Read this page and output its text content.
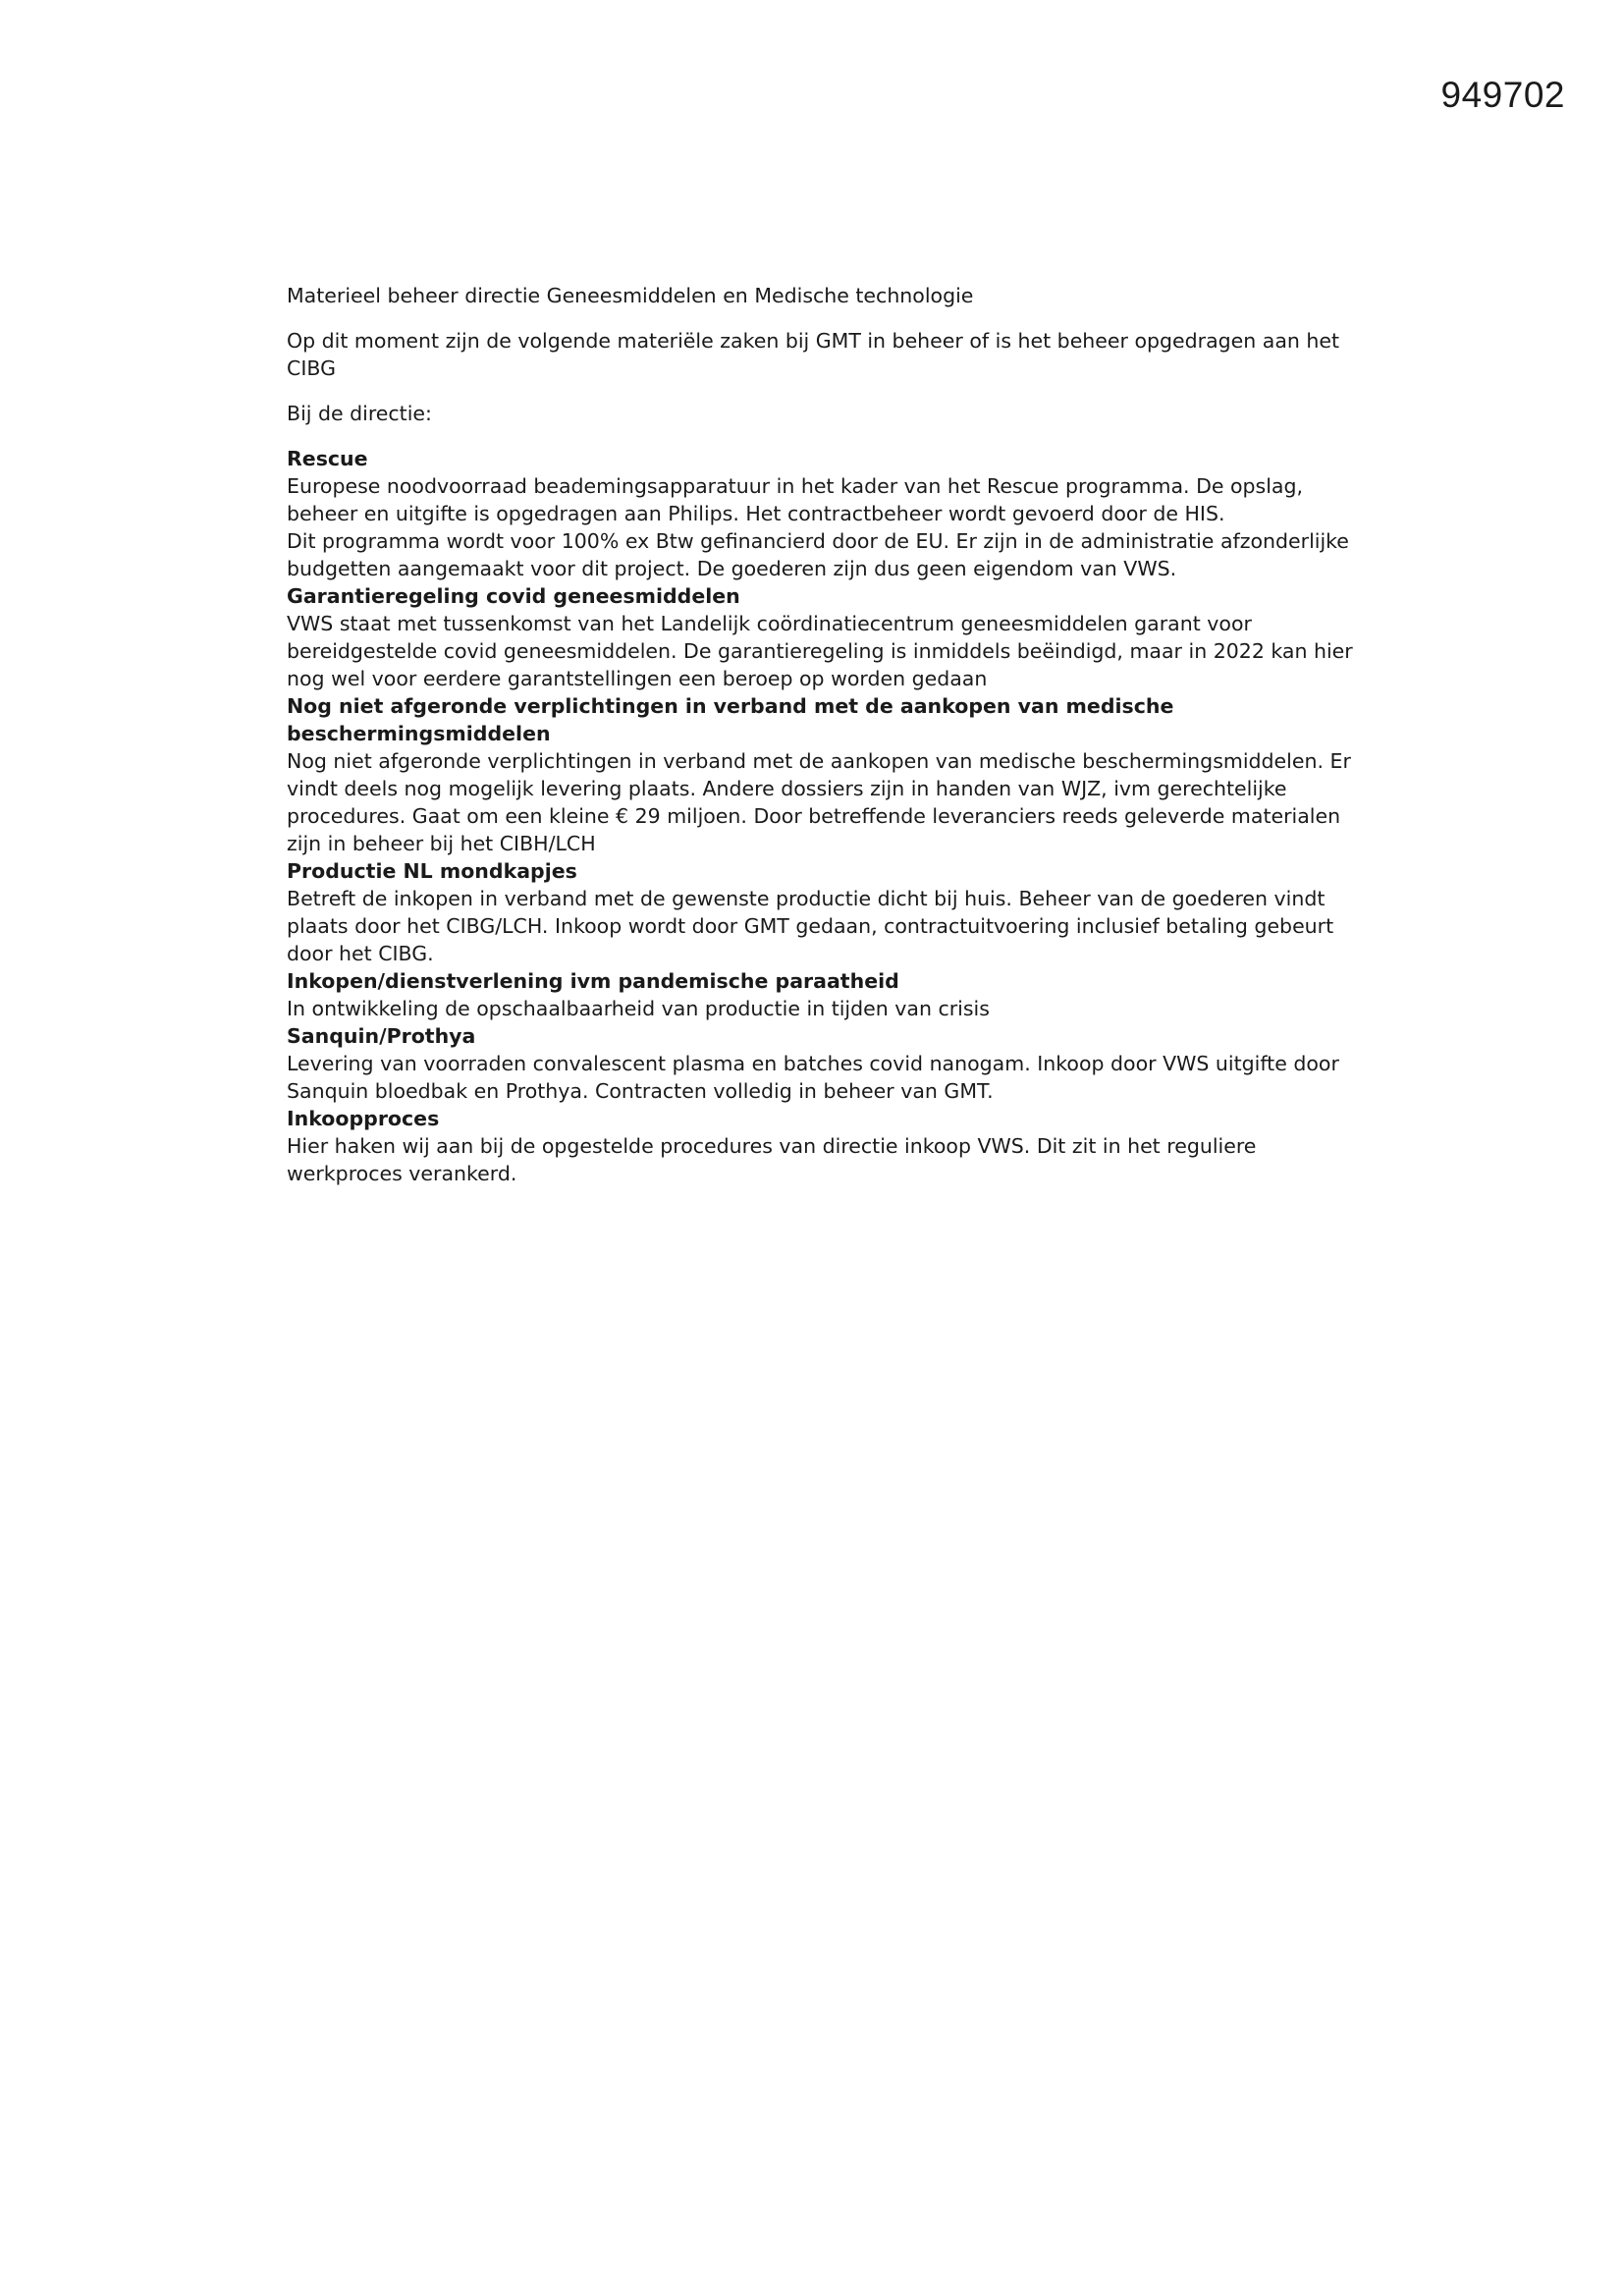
949702

Materieel beheer directie Geneesmiddelen en Medische technologie

Op dit moment zijn de volgende materiële zaken bij GMT in beheer of is het beheer opgedragen aan het CIBG

Bij de directie:

Rescue

Europese noodvoorraad beademingsapparatuur in het kader van het Rescue programma. De opslag, beheer en uitgifte is opgedragen aan Philips. Het contractbeheer wordt gevoerd door de HIS.

Dit programma wordt voor 100% ex Btw gefinancierd door de EU. Er zijn in de administratie afzonderlijke budgetten aangemaakt voor dit project. De goederen zijn dus geen eigendom van VWS.

Garantieregeling covid geneesmiddelen

VWS staat met tussenkomst van het Landelijk coördinatiecentrum geneesmiddelen garant voor bereidgestelde covid geneesmiddelen. De garantieregeling is inmiddels beëindigd, maar in 2022 kan hier nog wel voor eerdere garantstellingen een beroep op worden gedaan

Nog niet afgeronde verplichtingen in verband met de aankopen van medische beschermingsmiddelen

Nog niet afgeronde verplichtingen in verband met de aankopen van medische beschermingsmiddelen. Er vindt deels nog mogelijk levering plaats. Andere dossiers zijn in handen van WJZ, ivm gerechtelijke procedures. Gaat om een kleine € 29 miljoen. Door betreffende leveranciers reeds geleverde materialen zijn in beheer bij het CIBH/LCH

Productie NL mondkapjes

Betreft de inkopen in verband met de gewenste productie dicht bij huis. Beheer van de goederen vindt plaats door het CIBG/LCH. Inkoop wordt door GMT gedaan, contractuitvoering inclusief betaling gebeurt door het CIBG.

Inkopen/dienstverlening ivm pandemische paraatheid

In ontwikkeling de opschaalbaarheid van productie in tijden van crisis

Sanquin/Prothya

Levering van voorraden convalescent plasma en batches covid nanogam. Inkoop door VWS uitgifte door Sanquin bloedbak en Prothya. Contracten volledig in beheer van GMT.

Inkoopproces

Hier haken wij aan bij de opgestelde procedures van directie inkoop VWS. Dit zit in het reguliere werkproces verankerd.
